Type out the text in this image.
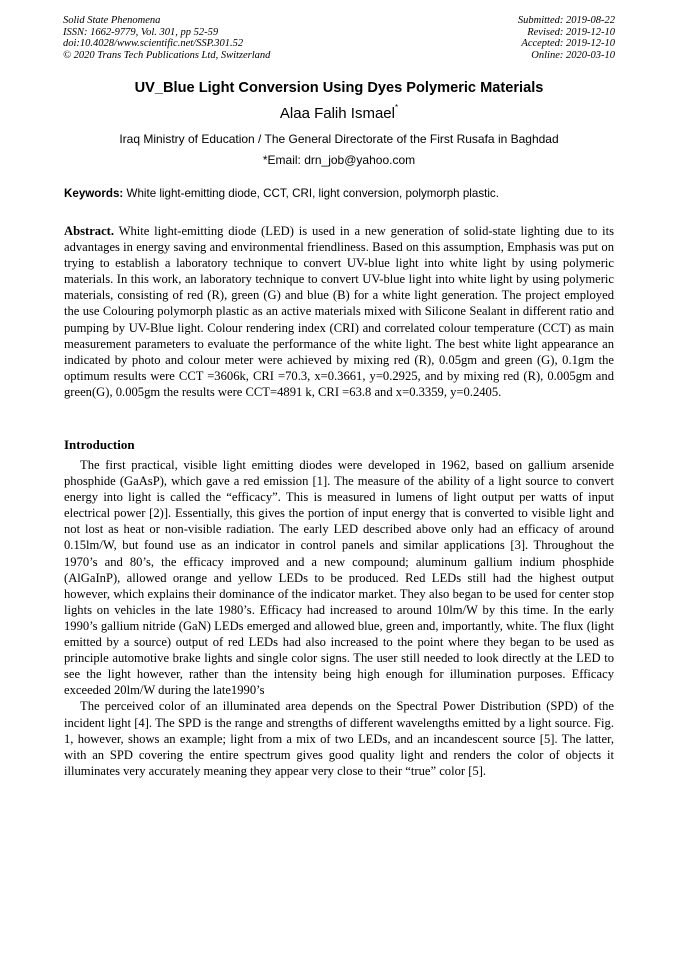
Solid State Phenomena
ISSN: 1662-9779, Vol. 301, pp 52-59
doi:10.4028/www.scientific.net/SSP.301.52
© 2020 Trans Tech Publications Ltd, Switzerland
Submitted: 2019-08-22
Revised: 2019-12-10
Accepted: 2019-12-10
Online: 2020-03-10
UV_Blue Light Conversion Using Dyes Polymeric Materials
Alaa Falih Ismael*
Iraq Ministry of Education / The General Directorate of the First Rusafa in Baghdad
*Email: drn_job@yahoo.com
Keywords: White light-emitting diode, CCT, CRI, light conversion, polymorph plastic.
Abstract. White light-emitting diode (LED) is used in a new generation of solid-state lighting due to its advantages in energy saving and environmental friendliness. Based on this assumption, Emphasis was put on trying to establish a laboratory technique to convert UV-blue light into white light by using polymeric materials. In this work, an laboratory technique to convert UV-blue light into white light by using polymeric materials, consisting of red (R), green (G) and blue (B) for a white light generation. The project employed the use Colouring polymorph plastic as an active materials mixed with Silicone Sealant in different ratio and pumping by UV-Blue light. Colour rendering index (CRI) and correlated colour temperature (CCT) as main measurement parameters to evaluate the performance of the white light. The best white light appearance an indicated by photo and colour meter were achieved by mixing red (R), 0.05gm and green (G), 0.1gm the optimum results were CCT =3606k, CRI =70.3, x=0.3661, y=0.2925, and by mixing red (R), 0.005gm and green(G), 0.005gm the results were CCT=4891 k, CRI =63.8 and x=0.3359, y=0.2405.
Introduction

The first practical, visible light emitting diodes were developed in 1962, based on gallium arsenide phosphide (GaAsP), which gave a red emission [1]. The measure of the ability of a light source to convert energy into light is called the “efficacy”. This is measured in lumens of light output per watts of input electrical power [2)]. Essentially, this gives the portion of input energy that is converted to visible light and not lost as heat or non-visible radiation. The early LED described above only had an efficacy of around 0.15lm/W, but found use as an indicator in control panels and similar applications [3]. Throughout the 1970’s and 80’s, the efficacy improved and a new compound; aluminum gallium indium phosphide (AlGaInP), allowed orange and yellow LEDs to be produced. Red LEDs still had the highest output however, which explains their dominance of the indicator market. They also began to be used for center stop lights on vehicles in the late 1980’s. Efficacy had increased to around 10lm/W by this time. In the early 1990’s gallium nitride (GaN) LEDs emerged and allowed blue, green and, importantly, white. The flux (light emitted by a source) output of red LEDs had also increased to the point where they began to be used as principle automotive brake lights and single color signs. The user still needed to look directly at the LED to see the light however, rather than the intensity being high enough for illumination purposes. Efficacy exceeded 20lm/W during the late1990’s

The perceived color of an illuminated area depends on the Spectral Power Distribution (SPD) of the incident light [4]. The SPD is the range and strengths of different wavelengths emitted by a light source. Fig. 1, however, shows an example; light from a mix of two LEDs, and an incandescent source [5]. The latter, with an SPD covering the entire spectrum gives good quality light and renders the color of objects it illuminates very accurately meaning they appear very close to their “true” color [5].
